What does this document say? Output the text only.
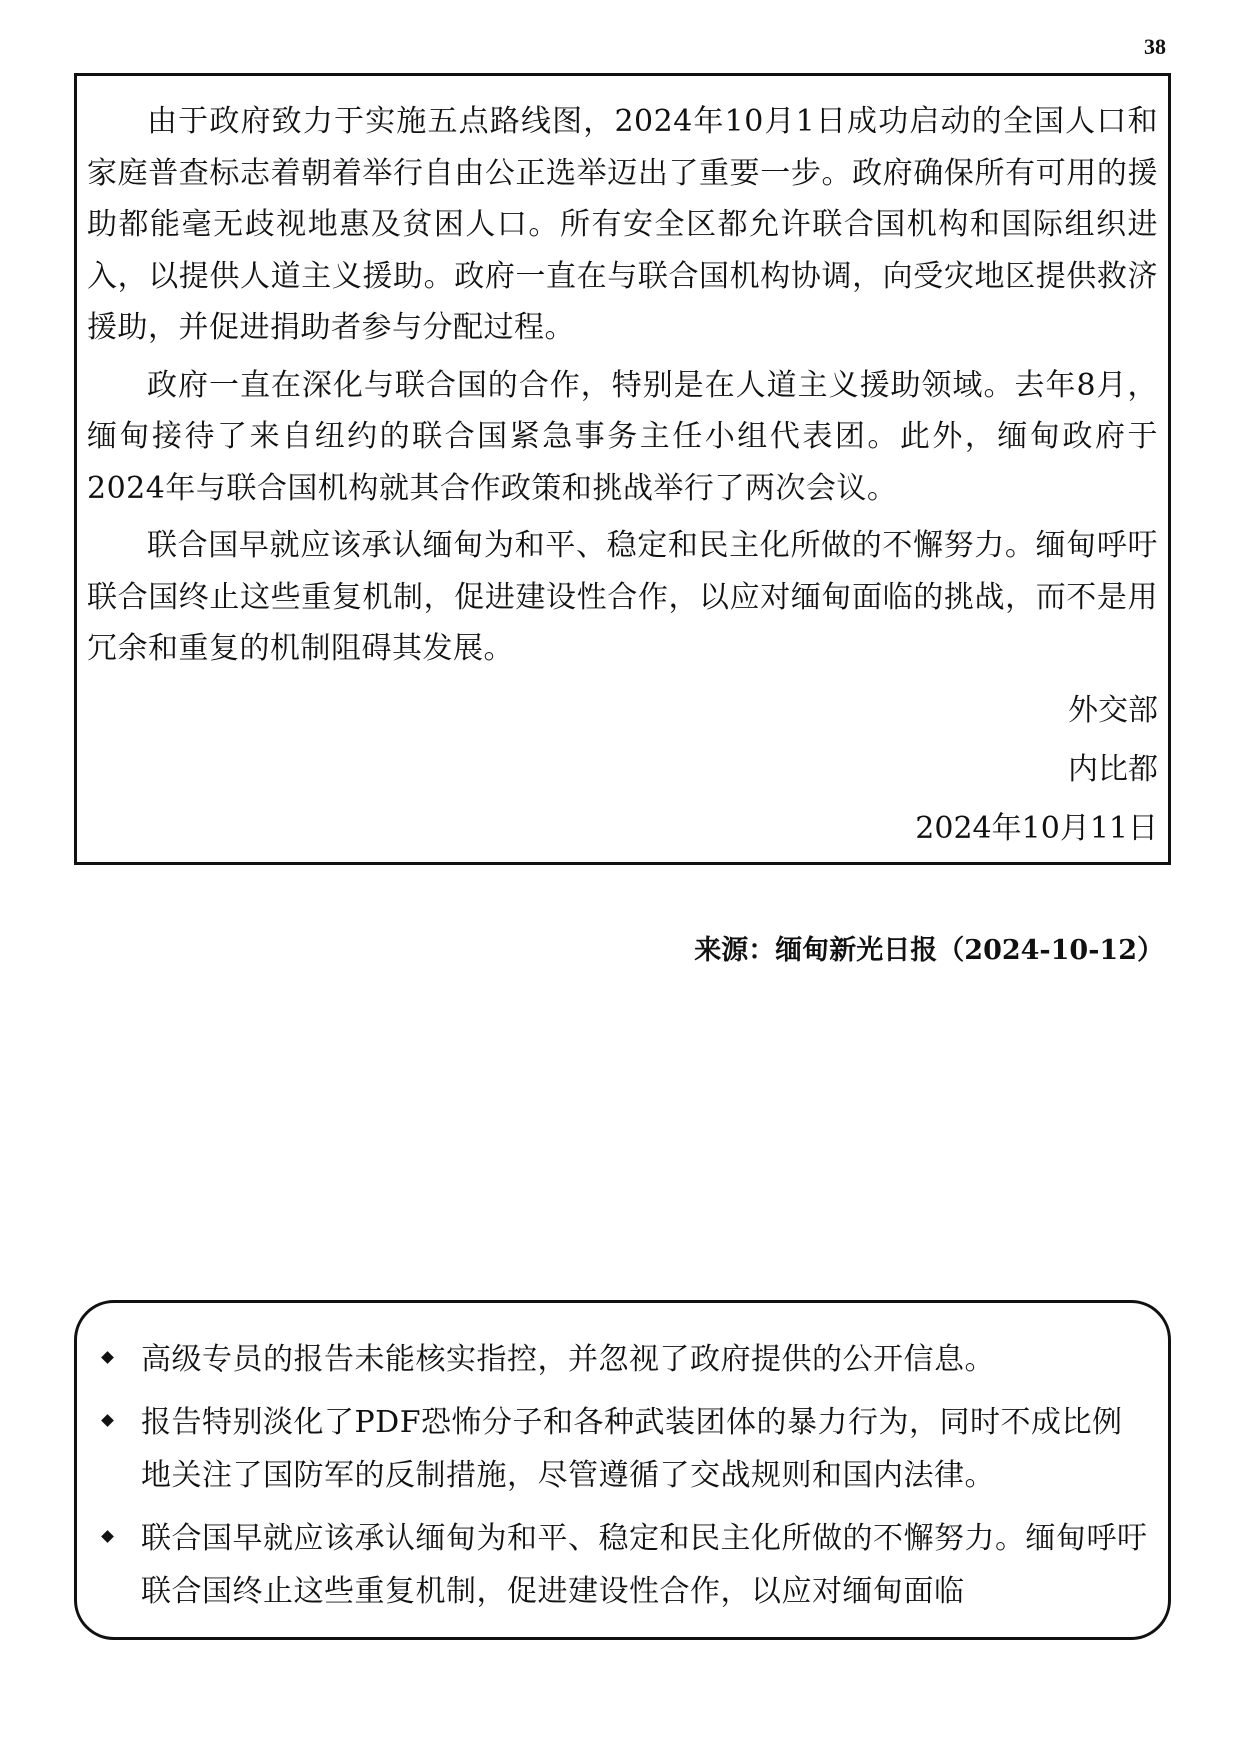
38

由于政府致力于实施五点路线图，2024年10月1日成功启动的全国人口和家庭普查标志着朝着举行自由公正选举迈出了重要一步。政府确保所有可用的援助都能毫无歧视地惠及贫困人口。所有安全区都允许联合国机构和国际组织进入，以提供人道主义援助。政府一直在与联合国机构协调，向受灾地区提供救济援助，并促进捐助者参与分配过程。

政府一直在深化与联合国的合作，特别是在人道主义援助领域。去年8月，缅甸接待了来自纽约的联合国紧急事务主任小组代表团。此外，缅甸政府于2024年与联合国机构就其合作政策和挑战举行了两次会议。

联合国早就应该承认缅甸为和平、稳定和民主化所做的不懈努力。缅甸呼吁联合国终止这些重复机制，促进建设性合作，以应对缅甸面临的挑战，而不是用冗余和重复的机制阻碍其发展。

外交部

内比都

2024年10月11日

来源：缅甸新光日报（2024-10-12）
高级专员的报告未能核实指控，并忽视了政府提供的公开信息。
报告特别淡化了PDF恐怖分子和各种武装团体的暴力行为，同时不成比例地关注了国防军的反制措施，尽管遵循了交战规则和国内法律。
联合国早就应该承认缅甸为和平、稳定和民主化所做的不懈努力。缅甸呼吁联合国终止这些重复机制，促进建设性合作，以应对缅甸面临
